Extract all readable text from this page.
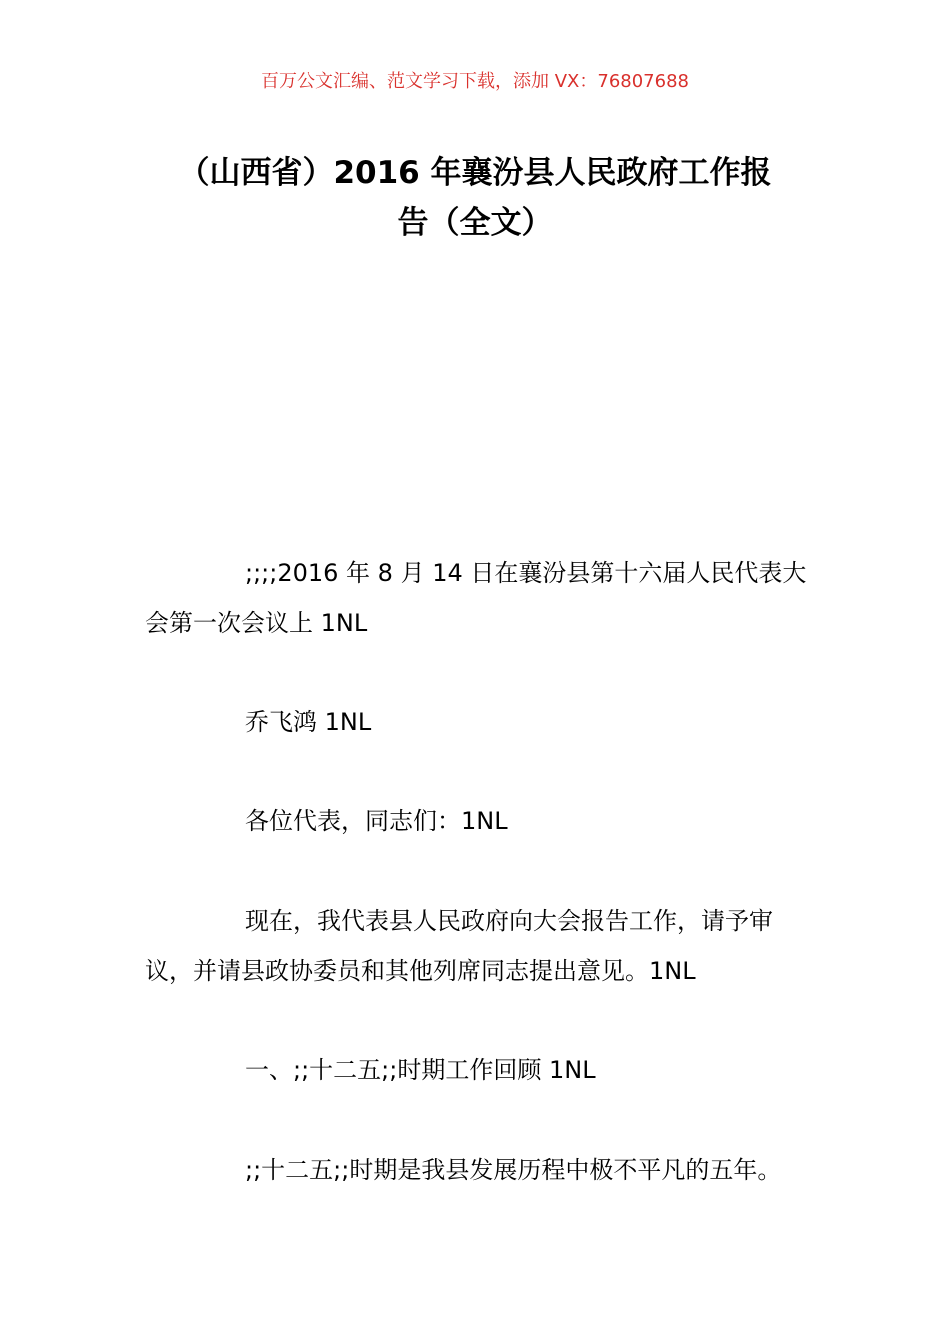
百万公文汇编、范文学习下载，添加 VX：76807688
（山西省）2016 年襄汾县人民政府工作报
告（全文）
;;;;2016 年 8 月 14 日在襄汾县第十六届人民代表大会第一次会议上 1NL
乔飞鸿 1NL
各位代表，同志们：1NL
现在，我代表县人民政府向大会报告工作，请予审议，并请县政协委员和其他列席同志提出意见。1NL
一、;;十二五;;时期工作回顾 1NL
;;十二五;;时期是我县发展历程中极不平凡的五年。
